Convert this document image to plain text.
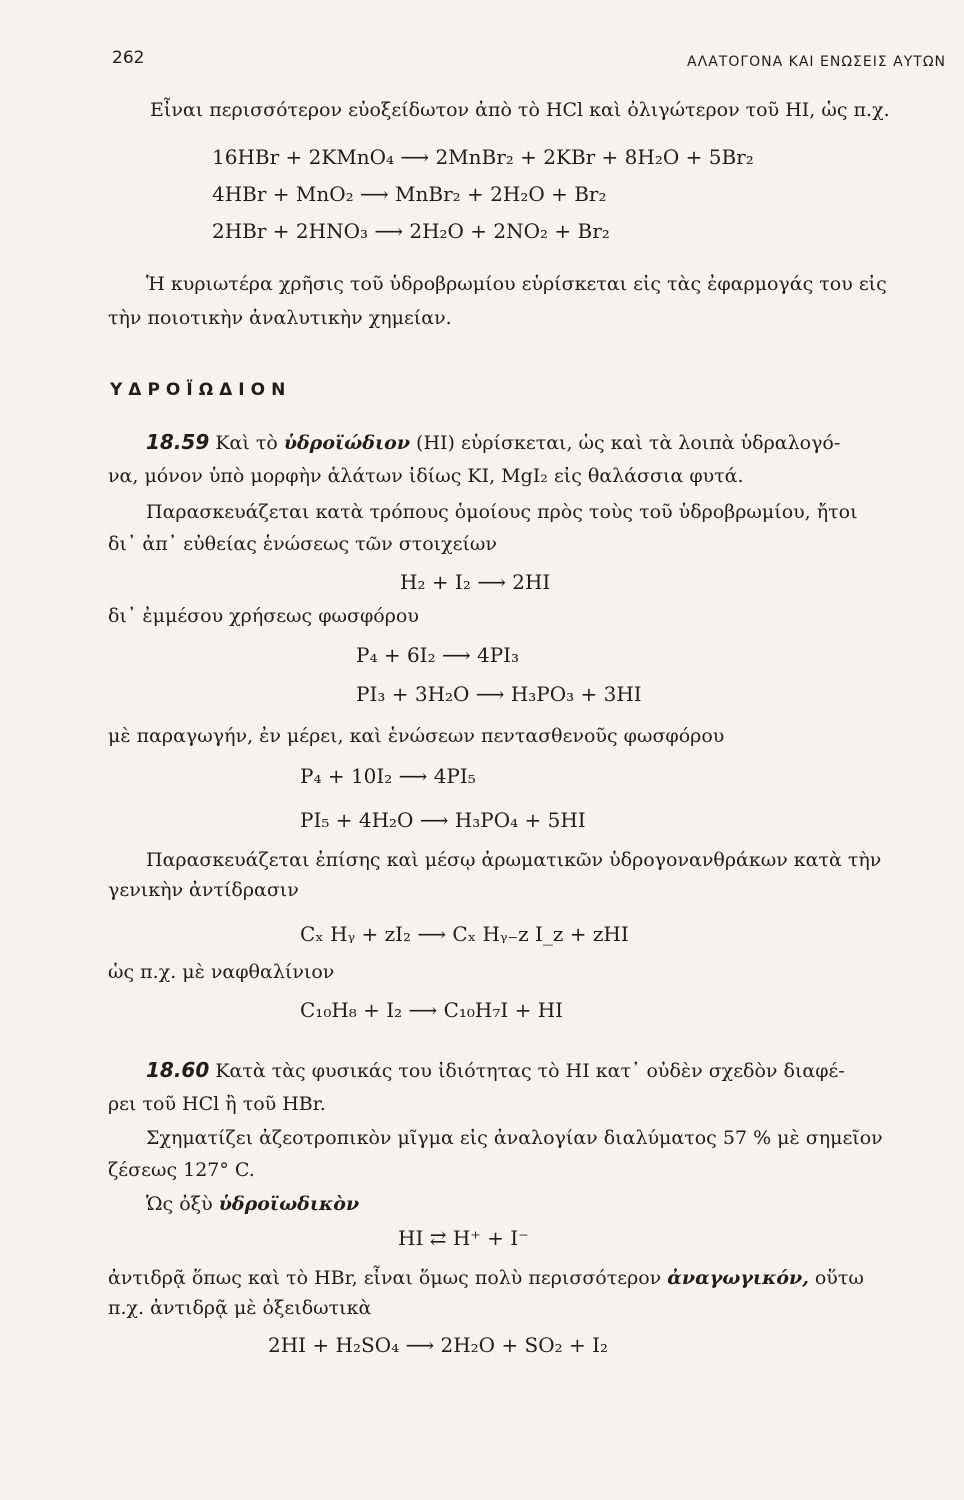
262	ΑΛΑΤΟΓΟΝΑ ΚΑΙ ΕΝΩΣΕΙΣ ΑΥΤΩΝ
Εἶναι περισσότερον εὐοξείδωτον ἀπὸ τὸ HCl καὶ ὀλιγώτερον τοῦ HI, ὡς π.χ.
16HBr + 2KMnO₄ ⟶ 2MnBr₂ + 2KBr + 8H₂O + 5Br₂
4HBr + MnO₂ ⟶ MnBr₂ + 2H₂O + Br₂
2HBr + 2HNO₃ ⟶ 2H₂O + 2NO₂ + Br₂
Ἡ κυριωτέρα χρῆσις τοῦ ὑδροβρωμίου εὑρίσκεται εἰς τὰς ἐφαρμογάς του εἰς
τὴν ποιοτικὴν ἀναλυτικὴν χημείαν.
ΥΔΡΟΪΩΔΙΟΝ
18.59 Καὶ τὸ ὑδροϊώδιον (HI) εὑρίσκεται, ὡς καὶ τὰ λοιπὰ ὑδραλογό-
να, μόνον ὑπὸ μορφὴν ἁλάτων ἰδίως KI, MgI₂ εἰς θαλάσσια φυτά.
Παρασκευάζεται κατὰ τρόπους ὁμοίους πρὸς τοὺς τοῦ ὑδροβρωμίου, ἤτοι
δι᾽ ἀπ᾽ εὐθείας ἑνώσεως τῶν στοιχείων
H₂ + I₂ ⟶ 2HI
δι᾽ ἐμμέσου χρήσεως φωσφόρου
P₄ + 6I₂ ⟶ 4PI₃
PI₃ + 3H₂O ⟶ H₃PO₃ + 3HI
μὲ παραγωγήν, ἐν μέρει, καὶ ἑνώσεων πεντασθενοῦς φωσφόρου
P₄ + 10I₂ ⟶ 4PI₅
PI₅ + 4H₂O ⟶ H₃PO₄ + 5HI
Παρασκευάζεται ἐπίσης καὶ μέσῳ ἀρωματικῶν ὑδρογονανθράκων κατὰ τὴν
γενικὴν ἀντίδρασιν
Cₓ Hᵧ + zI₂ ⟶ Cₓ Hᵧ₋z I_z + zHI
ὡς π.χ. μὲ ναφθαλίνιον
C₁₀H₈ + I₂ ⟶ C₁₀H₇I + HI
18.60 Κατὰ τὰς φυσικάς του ἰδιότητας τὸ HI κατ᾽ οὐδὲν σχεδὸν διαφέ-
ρει τοῦ HCl ἢ τοῦ HBr.
Σχηματίζει ἀζεοτροπικὸν μῖγμα εἰς ἀναλογίαν διαλύματος 57 % μὲ σημεῖον
ζέσεως 127° C.
Ὡς ὀξὺ ὑδροϊωδικὸν
HI ⇄ H⁺ + I⁻
ἀντιδρᾷ ὅπως καὶ τὸ HBr, εἶναι ὅμως πολὺ περισσότερον ἀναγωγικόν, οὕτω
π.χ. ἀντιδρᾷ μὲ ὀξειδωτικὰ
2HI + H₂SO₄ ⟶ 2H₂O + SO₂ + I₂
